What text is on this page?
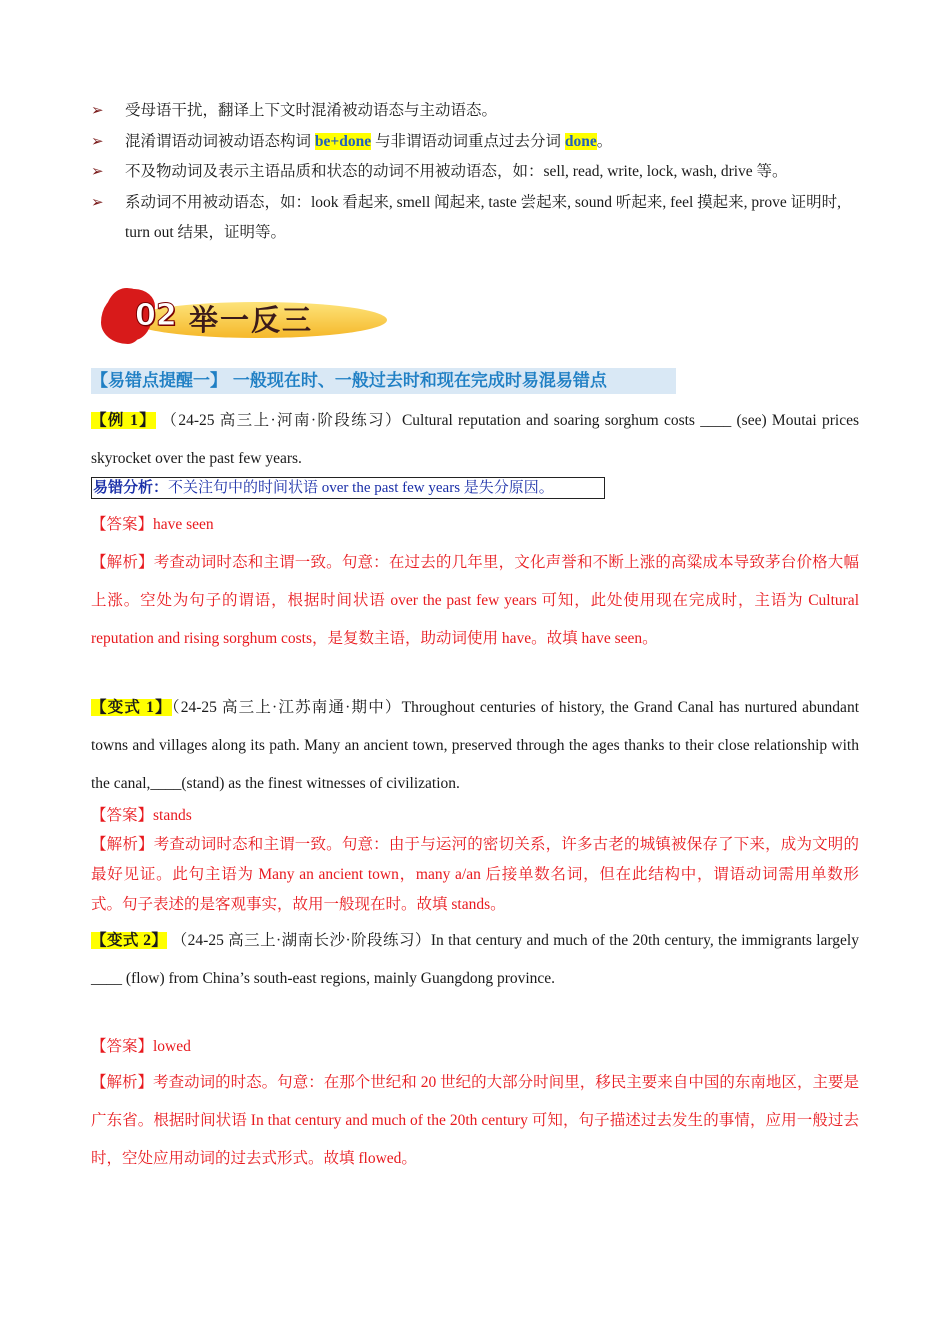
➢ 受母语干扰，翻译上下文时混淆被动语态与主动语态。
➢ 混淆谓语动词被动语态构词 be+done 与非谓语动词重点过去分词 done。
➢ 不及物动词及表示主语品质和状态的动词不用被动语态，如：sell, read, write, lock, wash, drive 等。
➢ 系动词不用被动语态，如：look 看起来, smell 闻起来, taste 尝起来, sound 听起来, feel 摸起来, prove 证明时, turn out 结果，证明等。
02 举一反三
【易错点提醒一】 一般现在时、一般过去时和现在完成时易混易错点
【例 1】 （24-25 高三上·河南·阶段练习）Cultural reputation and soaring sorghum costs ____ (see) Moutai prices skyrocket over the past few years.
易错分析：不关注句中的时间状语 over the past few years 是失分原因。
【答案】have seen
【解析】考查动词时态和主谓一致。句意：在过去的几年里，文化声誉和不断上涨的高粱成本导致茅台价格大幅上涨。空处为句子的谓语，根据时间状语 over the past few years 可知，此处使用现在完成时，主语为 Cultural reputation and rising sorghum costs，是复数主语，助动词使用 have。故填 have seen。
【变式 1】（24-25 高三上·江苏南通·期中）Throughout centuries of history, the Grand Canal has nurtured abundant towns and villages along its path. Many an ancient town, preserved through the ages thanks to their close relationship with the canal,____(stand) as the finest witnesses of civilization.
【答案】stands
【解析】考查动词时态和主谓一致。句意：由于与运河的密切关系，许多古老的城镇被保存了下来，成为文明的最好见证。此句主语为 Many an ancient town，many a/an 后接单数名词，但在此结构中，谓语动词需用单数形式。句子表述的是客观事实，故用一般现在时。故填 stands。
【变式 2】 （24-25 高三上·湖南长沙·阶段练习）In that century and much of the 20th century, the immigrants largely ____ (flow) from China’s south-east regions, mainly Guangdong province.
【答案】lowed
【解析】考查动词的时态。句意：在那个世纪和 20 世纪的大部分时间里，移民主要来自中国的东南地区，主要是广东省。根据时间状语 In that century and much of the 20th century 可知，句子描述过去发生的事情，应用一般过去时，空处应用动词的过去式形式。故填 flowed。
